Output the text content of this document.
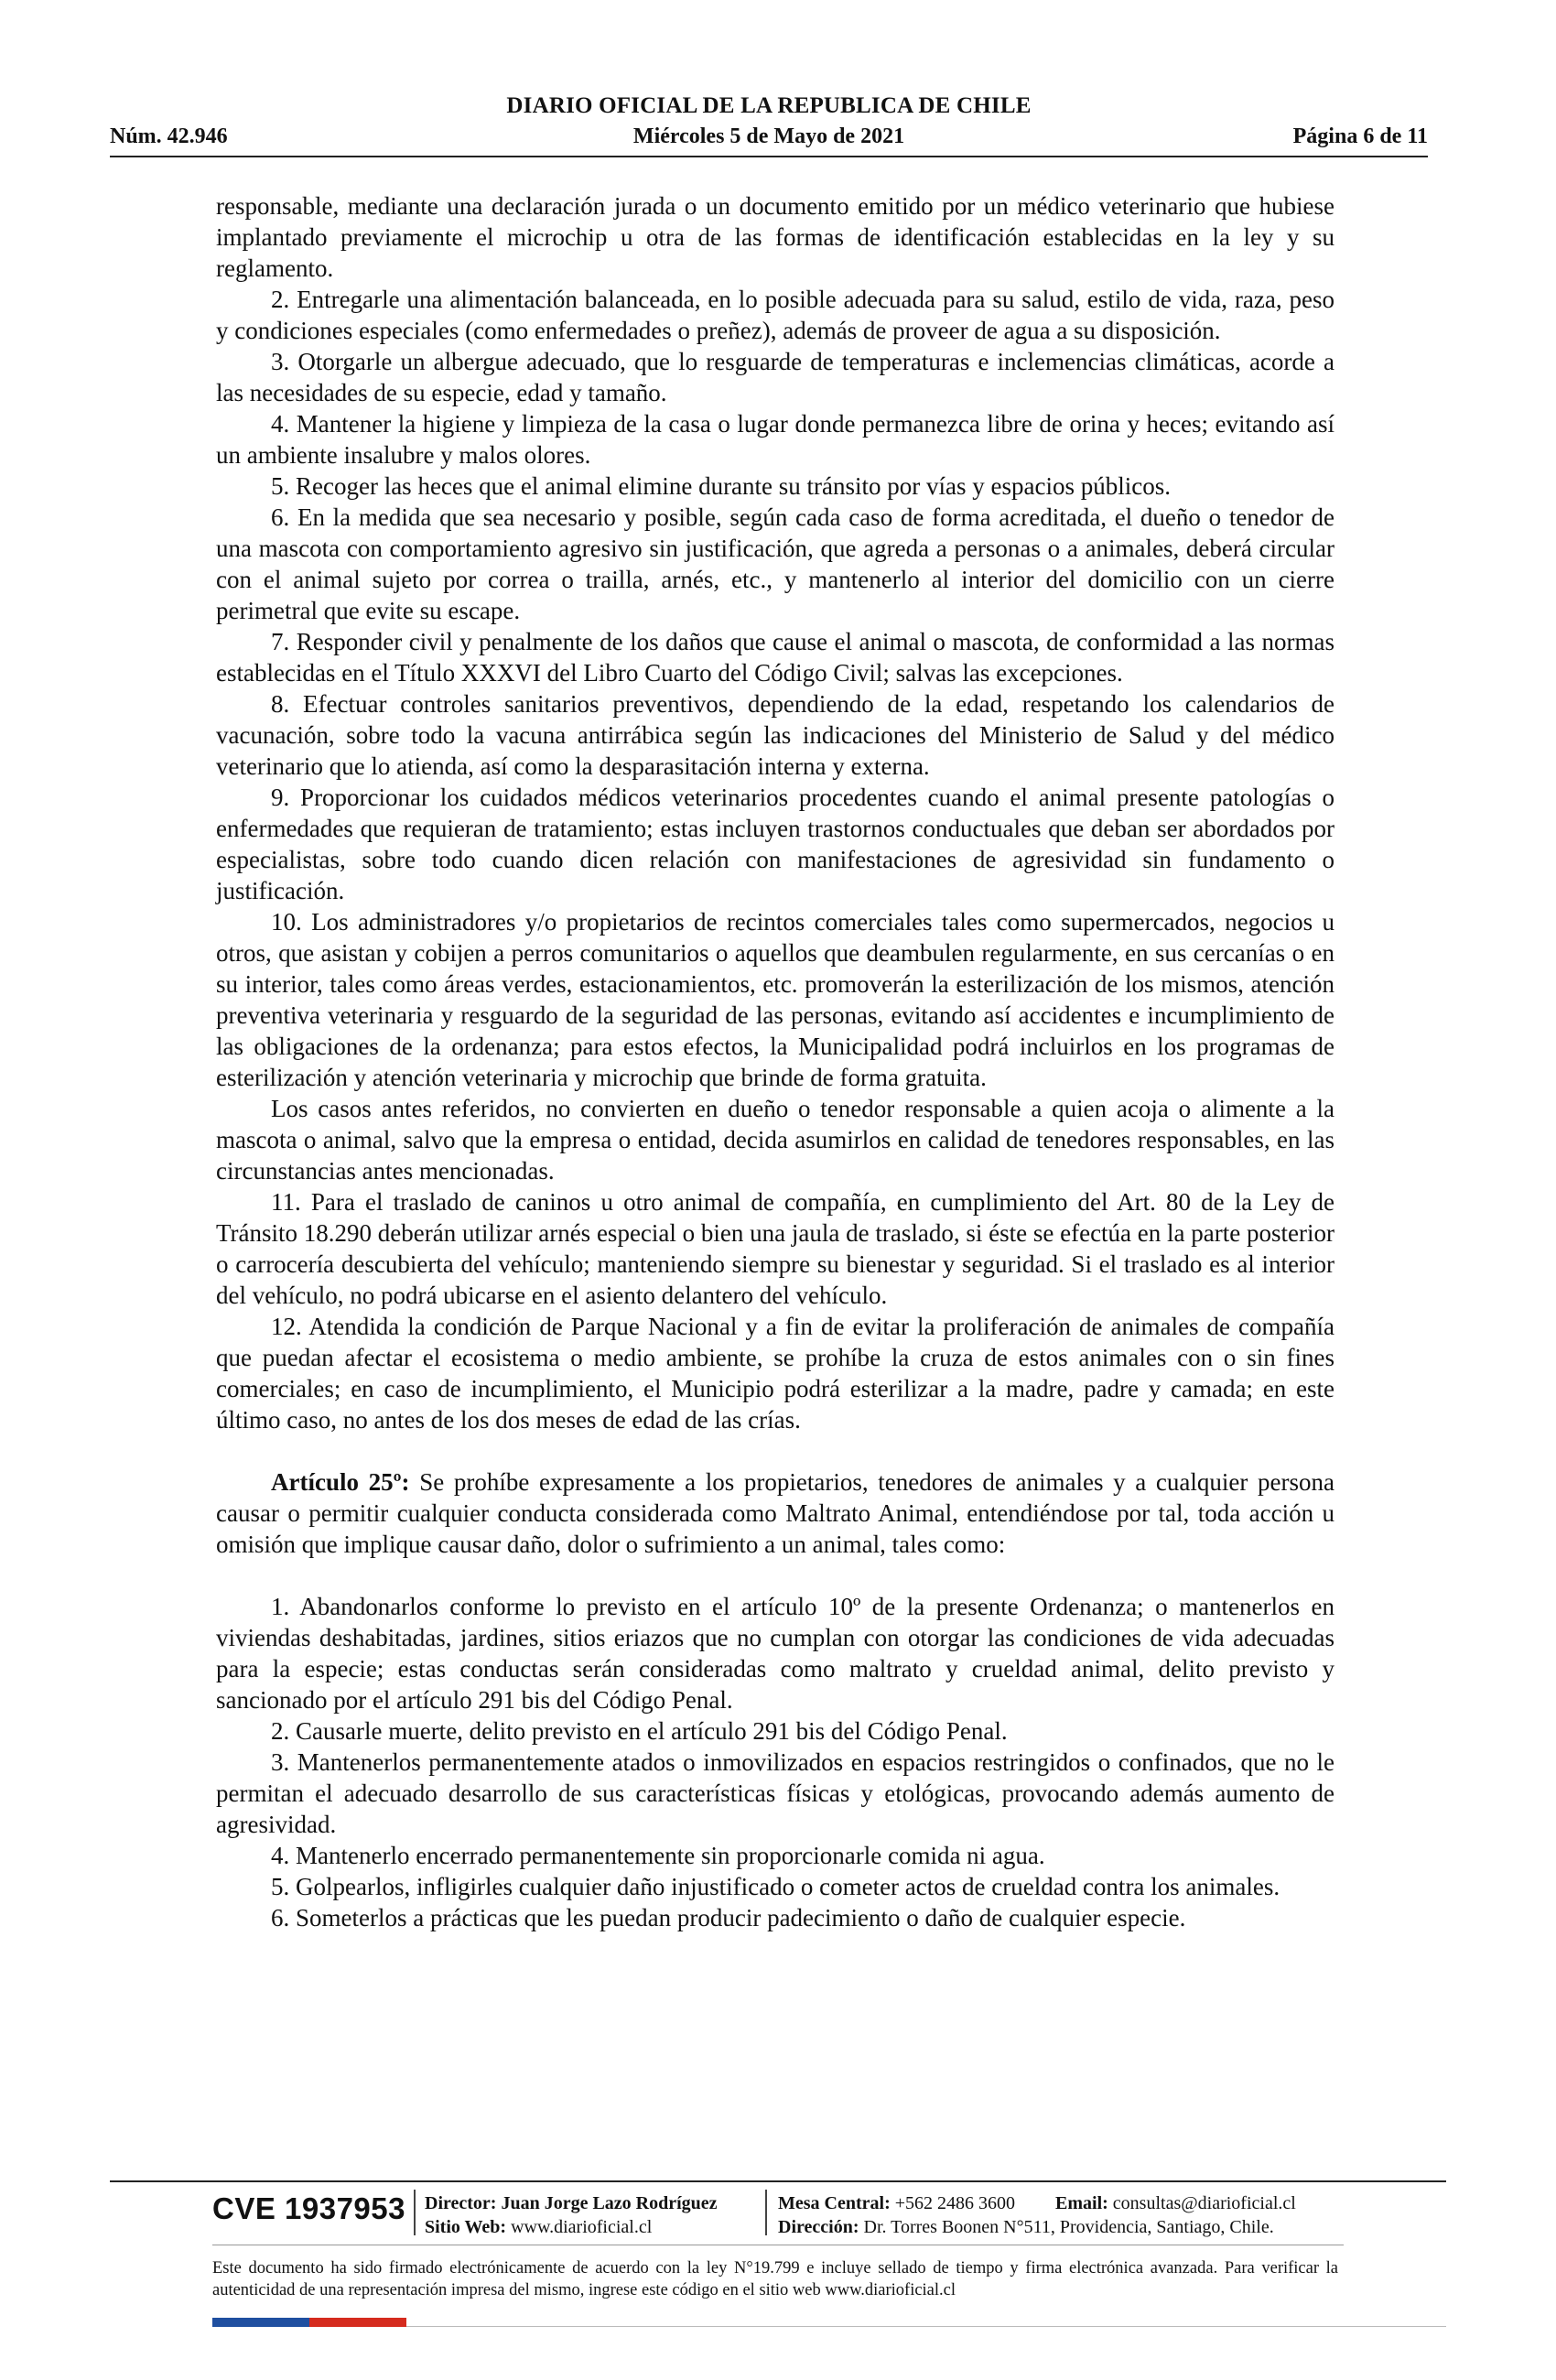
DIARIO OFICIAL DE LA REPUBLICA DE CHILE
Núm. 42.946	Miércoles 5 de Mayo de 2021	Página 6 de 11

responsable, mediante una declaración jurada o un documento emitido por un médico veterinario que hubiese implantado previamente el microchip u otra de las formas de identificación establecidas en la ley y su reglamento.

2. Entregarle una alimentación balanceada, en lo posible adecuada para su salud, estilo de vida, raza, peso y condiciones especiales (como enfermedades o preñez), además de proveer de agua a su disposición.

3. Otorgarle un albergue adecuado, que lo resguarde de temperaturas e inclemencias climáticas, acorde a las necesidades de su especie, edad y tamaño.

4. Mantener la higiene y limpieza de la casa o lugar donde permanezca libre de orina y heces; evitando así un ambiente insalubre y malos olores.

5. Recoger las heces que el animal elimine durante su tránsito por vías y espacios públicos.

6. En la medida que sea necesario y posible, según cada caso de forma acreditada, el dueño o tenedor de una mascota con comportamiento agresivo sin justificación, que agreda a personas o a animales, deberá circular con el animal sujeto por correa o trailla, arnés, etc., y mantenerlo al interior del domicilio con un cierre perimetral que evite su escape.

7. Responder civil y penalmente de los daños que cause el animal o mascota, de conformidad a las normas establecidas en el Título XXXVI del Libro Cuarto del Código Civil; salvas las excepciones.

8. Efectuar controles sanitarios preventivos, dependiendo de la edad, respetando los calendarios de vacunación, sobre todo la vacuna antirrábica según las indicaciones del Ministerio de Salud y del médico veterinario que lo atienda, así como la desparasitación interna y externa.

9. Proporcionar los cuidados médicos veterinarios procedentes cuando el animal presente patologías o enfermedades que requieran de tratamiento; estas incluyen trastornos conductuales que deban ser abordados por especialistas, sobre todo cuando dicen relación con manifestaciones de agresividad sin fundamento o justificación.

10. Los administradores y/o propietarios de recintos comerciales tales como supermercados, negocios u otros, que asistan y cobijen a perros comunitarios o aquellos que deambulen regularmente, en sus cercanías o en su interior, tales como áreas verdes, estacionamientos, etc. promoverán la esterilización de los mismos, atención preventiva veterinaria y resguardo de la seguridad de las personas, evitando así accidentes e incumplimiento de las obligaciones de la ordenanza; para estos efectos, la Municipalidad podrá incluirlos en los programas de esterilización y atención veterinaria y microchip que brinde de forma gratuita.

Los casos antes referidos, no convierten en dueño o tenedor responsable a quien acoja o alimente a la mascota o animal, salvo que la empresa o entidad, decida asumirlos en calidad de tenedores responsables, en las circunstancias antes mencionadas.

11. Para el traslado de caninos u otro animal de compañía, en cumplimiento del Art. 80 de la Ley de Tránsito 18.290 deberán utilizar arnés especial o bien una jaula de traslado, si éste se efectúa en la parte posterior o carrocería descubierta del vehículo; manteniendo siempre su bienestar y seguridad. Si el traslado es al interior del vehículo, no podrá ubicarse en el asiento delantero del vehículo.

12. Atendida la condición de Parque Nacional y a fin de evitar la proliferación de animales de compañía que puedan afectar el ecosistema o medio ambiente, se prohíbe la cruza de estos animales con o sin fines comerciales; en caso de incumplimiento, el Municipio podrá esterilizar a la madre, padre y camada; en este último caso, no antes de los dos meses de edad de las crías.

Artículo 25º: Se prohíbe expresamente a los propietarios, tenedores de animales y a cualquier persona causar o permitir cualquier conducta considerada como Maltrato Animal, entendiéndose por tal, toda acción u omisión que implique causar daño, dolor o sufrimiento a un animal, tales como:

1. Abandonarlos conforme lo previsto en el artículo 10º de la presente Ordenanza; o mantenerlos en viviendas deshabitadas, jardines, sitios eriazos que no cumplan con otorgar las condiciones de vida adecuadas para la especie; estas conductas serán consideradas como maltrato y crueldad animal, delito previsto y sancionado por el artículo 291 bis del Código Penal.

2. Causarle muerte, delito previsto en el artículo 291 bis del Código Penal.

3. Mantenerlos permanentemente atados o inmovilizados en espacios restringidos o confinados, que no le permitan el adecuado desarrollo de sus características físicas y etológicas, provocando además aumento de agresividad.

4. Mantenerlo encerrado permanentemente sin proporcionarle comida ni agua.

5. Golpearlos, infligirles cualquier daño injustificado o cometer actos de crueldad contra los animales.

6. Someterlos a prácticas que les puedan producir padecimiento o daño de cualquier especie.

CVE 1937953 Director: Juan Jorge Lazo Rodríguez
Sitio Web: www.diarioficial.cl
Mesa Central: +562 2486 3600 Email: consultas@diarioficial.cl
Dirección: Dr. Torres Boonen N°511, Providencia, Santiago, Chile.
Este documento ha sido firmado electrónicamente de acuerdo con la ley N°19.799 e incluye sellado de tiempo y firma electrónica avanzada. Para verificar la autenticidad de una representación impresa del mismo, ingrese este código en el sitio web www.diarioficial.cl
